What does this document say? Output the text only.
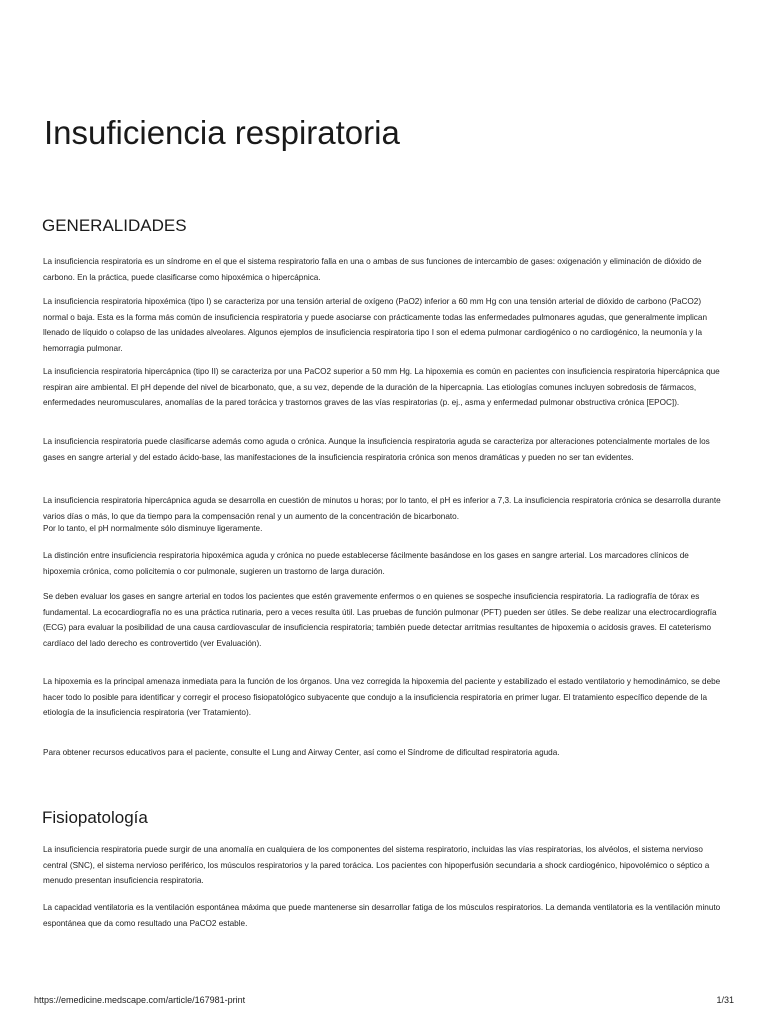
Insuficiencia respiratoria
GENERALIDADES

La insuficiencia respiratoria es un síndrome en el que el sistema respiratorio falla en una o ambas de sus funciones de intercambio de gases: oxigenación y eliminación de dióxido de carbono. En la práctica, puede clasificarse como hipoxémica o hipercápnica.

La insuficiencia respiratoria hipoxémica (tipo I) se caracteriza por una tensión arterial de oxígeno (PaO2) inferior a 60 mm Hg con una tensión arterial de dióxido de carbono (PaCO2) normal o baja. Esta es la forma más común de insuficiencia respiratoria y puede asociarse con prácticamente todas las enfermedades pulmonares agudas, que generalmente implican llenado de líquido o colapso de las unidades alveolares. Algunos ejemplos de insuficiencia respiratoria tipo I son el edema pulmonar cardiogénico o no cardiogénico, la neumonía y la hemorragia pulmonar.

La insuficiencia respiratoria hipercápnica (tipo II) se caracteriza por una PaCO2 superior a 50 mm Hg. La hipoxemia es común en pacientes con insuficiencia respiratoria hipercápnica que respiran aire ambiental. El pH depende del nivel de bicarbonato, que, a su vez, depende de la duración de la hipercapnia. Las etiologías comunes incluyen sobredosis de fármacos, enfermedades neuromusculares, anomalías de la pared torácica y trastornos graves de las vías respiratorias (p. ej., asma y enfermedad pulmonar obstructiva crónica [EPOC]).

La insuficiencia respiratoria puede clasificarse además como aguda o crónica. Aunque la insuficiencia respiratoria aguda se caracteriza por alteraciones potencialmente mortales de los gases en sangre arterial y del estado ácido-base, las manifestaciones de la insuficiencia respiratoria crónica son menos dramáticas y pueden no ser tan evidentes.

La insuficiencia respiratoria hipercápnica aguda se desarrolla en cuestión de minutos u horas; por lo tanto, el pH es inferior a 7,3. La insuficiencia respiratoria crónica se desarrolla durante varios días o más, lo que da tiempo para la compensación renal y un aumento de la concentración de bicarbonato.

Por lo tanto, el pH normalmente sólo disminuye ligeramente.

La distinción entre insuficiencia respiratoria hipoxémica aguda y crónica no puede establecerse fácilmente basándose en los gases en sangre arterial. Los marcadores clínicos de hipoxemia crónica, como policitemia o cor pulmonale, sugieren un trastorno de larga duración.

Se deben evaluar los gases en sangre arterial en todos los pacientes que estén gravemente enfermos o en quienes se sospeche insuficiencia respiratoria. La radiografía de tórax es fundamental. La ecocardiografía no es una práctica rutinaria, pero a veces resulta útil. Las pruebas de función pulmonar (PFT) pueden ser útiles. Se debe realizar una electrocardiografía (ECG) para evaluar la posibilidad de una causa cardiovascular de insuficiencia respiratoria; también puede detectar arritmias resultantes de hipoxemia o acidosis graves. El cateterismo cardíaco del lado derecho es controvertido (ver Evaluación).

La hipoxemia es la principal amenaza inmediata para la función de los órganos. Una vez corregida la hipoxemia del paciente y estabilizado el estado ventilatorio y hemodinámico, se debe hacer todo lo posible para identificar y corregir el proceso fisiopatológico subyacente que condujo a la insuficiencia respiratoria en primer lugar. El tratamiento específico depende de la etiología de la insuficiencia respiratoria (ver Tratamiento).

Para obtener recursos educativos para el paciente, consulte el Lung and Airway Center, así como el Síndrome de dificultad respiratoria aguda.

Fisiopatología

La insuficiencia respiratoria puede surgir de una anomalía en cualquiera de los componentes del sistema respiratorio, incluidas las vías respiratorias, los alvéolos, el sistema nervioso central (SNC), el sistema nervioso periférico, los músculos respiratorios y la pared torácica. Los pacientes con hipoperfusión secundaria a shock cardiogénico, hipovolémico o séptico a menudo presentan insuficiencia respiratoria.

La capacidad ventilatoria es la ventilación espontánea máxima que puede mantenerse sin desarrollar fatiga de los músculos respiratorios. La demanda ventilatoria es la ventilación minuto espontánea que da como resultado una PaCO2 estable.

https://emedicine.medscape.com/article/167981-print	1/31
